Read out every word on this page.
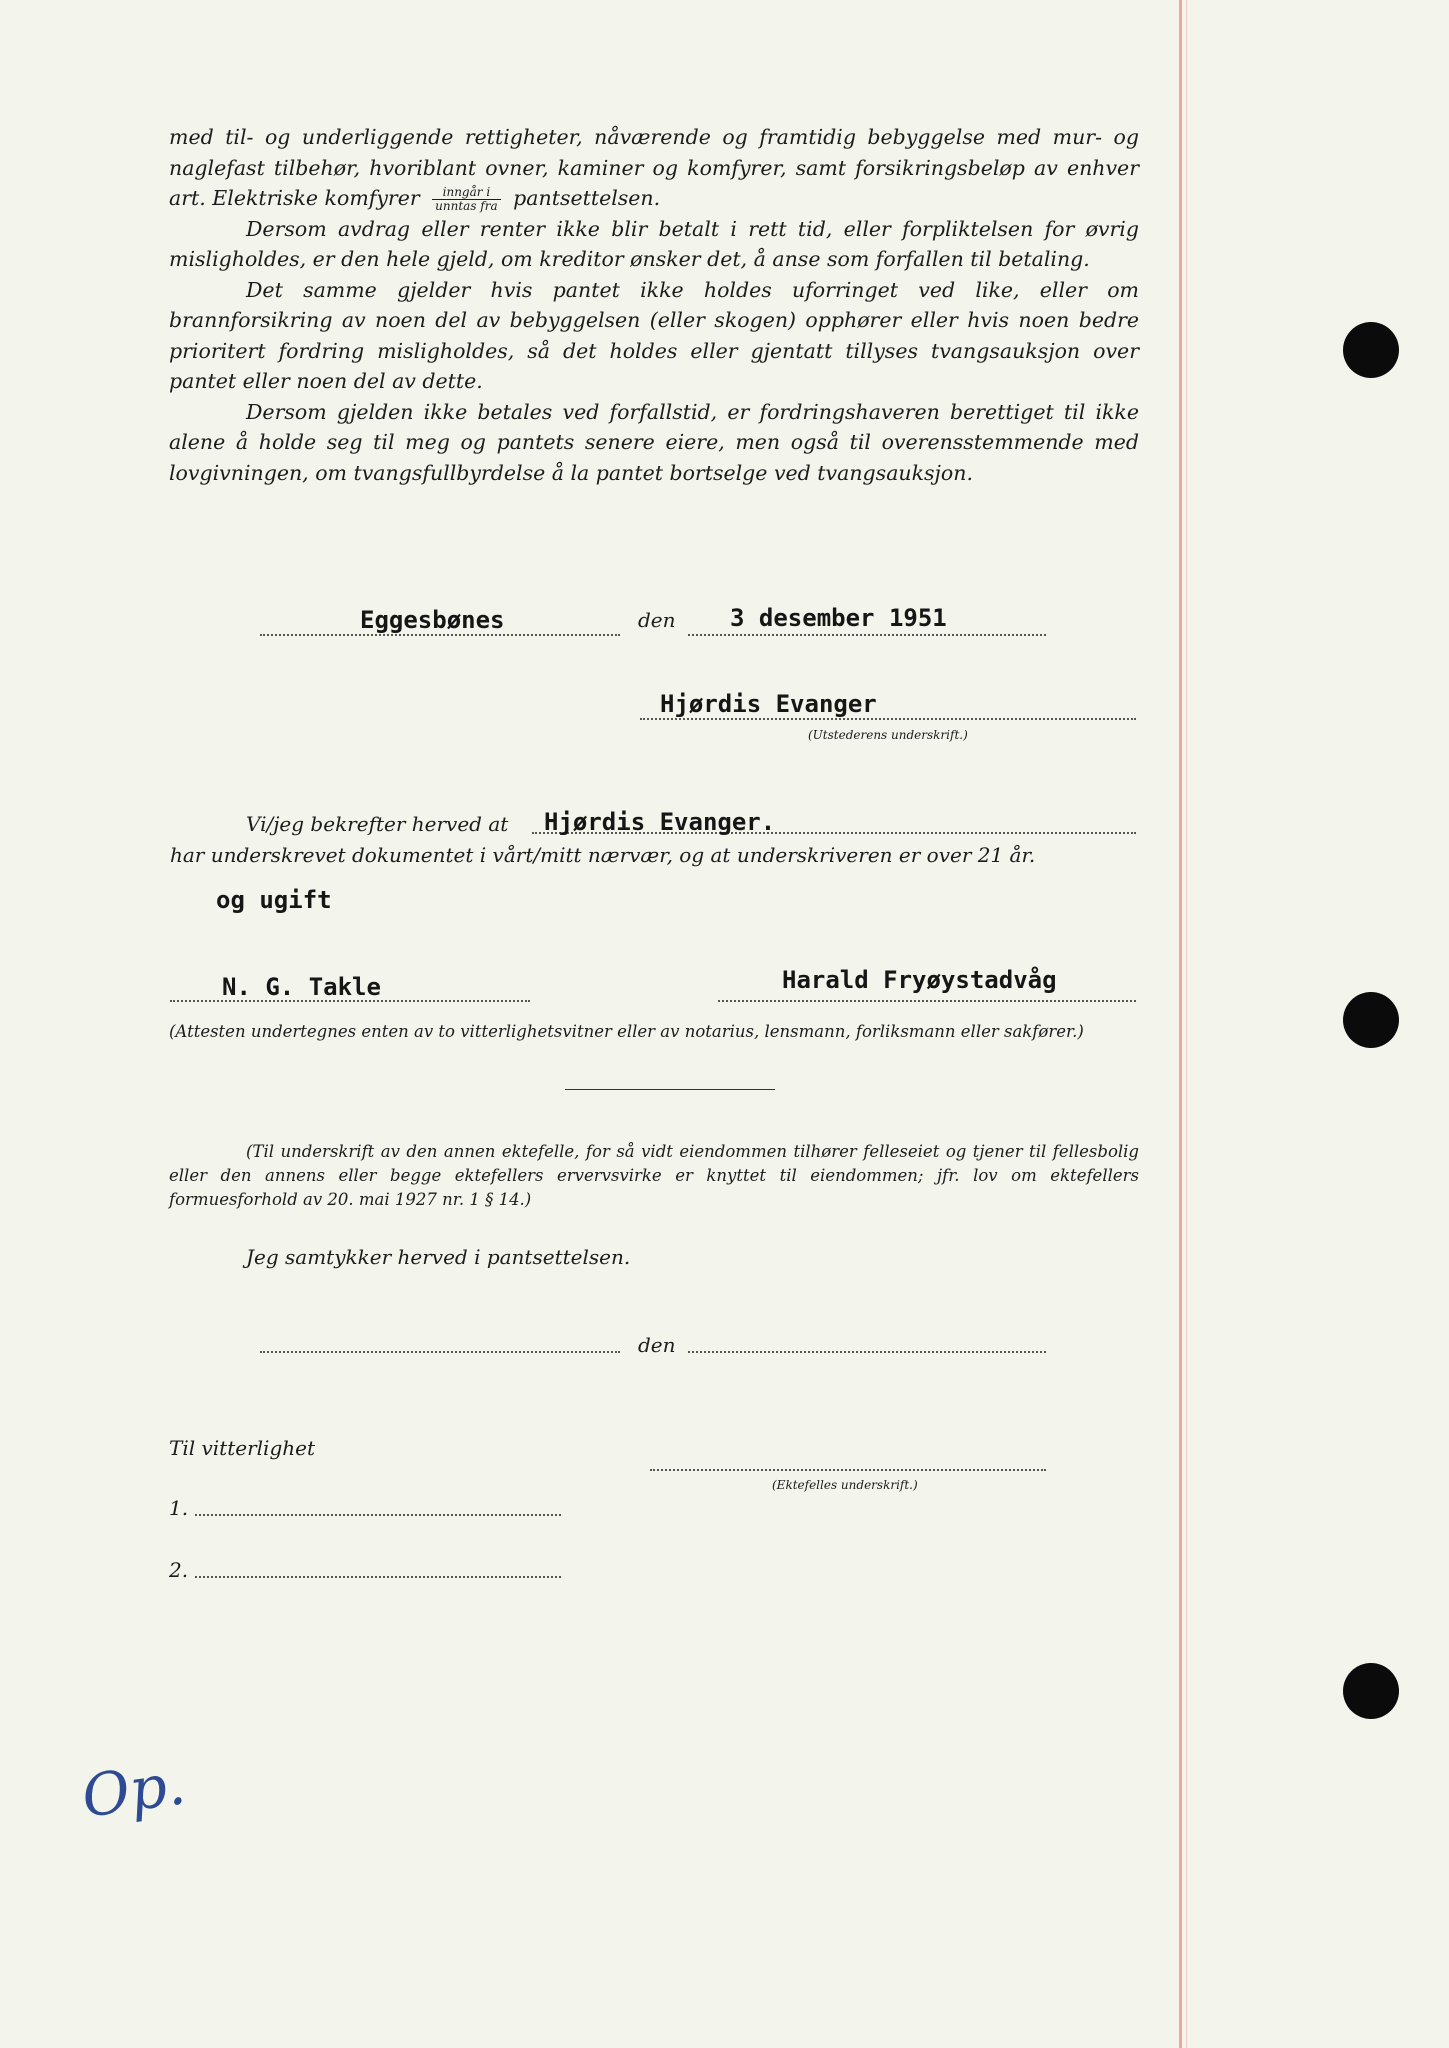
med til- og underliggende rettigheter, nåværende og framtidig bebyggelse med mur- og naglefast tilbehør, hvoriblant ovner, kaminer og komfyrer, samt forsikringsbeløp av enhver art. Elektriske komfyrer $\frac{\text{inngår i}}{\text{unntas fra}}$ pantsettelsen.

Dersom avdrag eller renter ikke blir betalt i rett tid, eller forpliktelsen for øvrig misligholdes, er den hele gjeld, om kreditor ønsker det, å anse som forfallen til betaling.

Det samme gjelder hvis pantet ikke holdes uforringet ved like, eller om brannforsikring av noen del av bebyggelsen (eller skogen) opphører eller hvis noen bedre prioritert fordring misligholdes, så det holdes eller gjentatt tillyses tvangsauksjon over pantet eller noen del av dette.

Dersom gjelden ikke betales ved forfallstid, er fordringshaveren berettiget til ikke alene å holde seg til meg og pantets senere eiere, men også til overensstemmende med lovgivningen, om tvangsfullbyrdelse å la pantet bortselge ved tvangsauksjon.

Eggesbønes	den 3 desember 1951
Hjørdis Evanger
(Utstederens underskrift.)
Vi/jeg bekrefter herved at Hjørdis Evanger.
har underskrevet dokumentet i vårt/mitt nærvær, og at underskriveren er over 21 år.
og ugift
N. G. Takle	Harald Fryøystadvåg
(Attesten undertegnes enten av to vitterlighetsvitner eller av notarius, lensmann, forliksmann eller sakfører.)
(Til underskrift av den annen ektefelle, for så vidt eiendommen tilhører felleseiet og tjener til fellesbolig eller den annens eller begge ektefellers ervervsvirke er knyttet til eiendommen; jfr. lov om ektefellers formuesforhold av 20. mai 1927 nr. 1 § 14.)
Jeg samtykker herved i pantsettelsen.
den
Til vitterlighet
(Ektefelles underskrift.)
1.
2.
Op.
